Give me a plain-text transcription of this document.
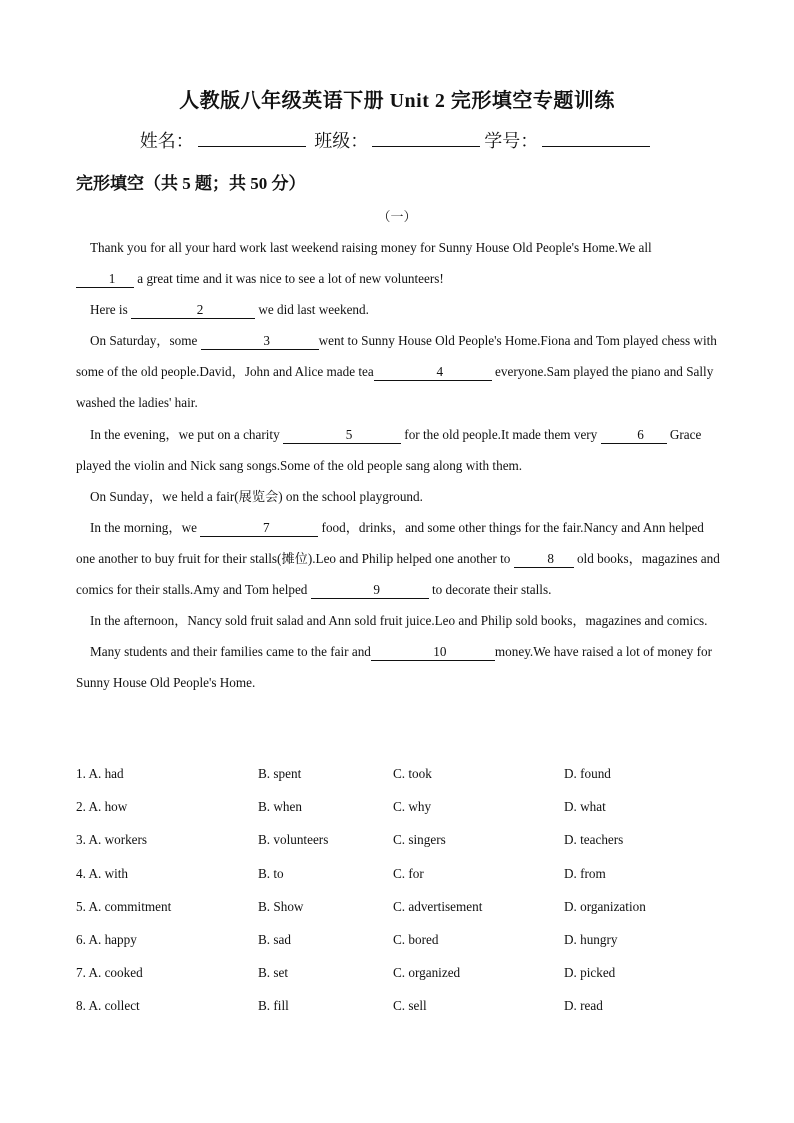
人教版八年级英语下册 Unit 2 完形填空专题训练
姓名：	班级：	学号：
完形填空（共 5 题；共 50 分）
（一）

Thank you for all your hard work last weekend raising money for Sunny House Old People's Home.We all
1 a great time and it was nice to see a lot of new volunteers!

Here is	2	we did last weekend.

On Saturday，some	3	went to Sunny House Old People's Home.Fiona and Tom played chess with some of the old people.David，John and Alice made tea	4	everyone.Sam played the piano and Sally washed the ladies' hair.

In the evening，we put on a charity	5	for the old people.It made them very	6 Grace played the violin and Nick sang songs.Some of the old people sang along with them.

On Sunday，we held a fair(展览会) on the school playground.

In the morning，we	7	food，drinks，and some other things for the fair.Nancy and Ann helped one another to buy fruit for their stalls(摊位).Leo and Philip helped one another to	8 old books，magazines and comics for their stalls.Amy and Tom helped	9	to decorate their stalls.

In the afternoon，Nancy sold fruit salad and Ann sold fruit juice.Leo and Philip sold books，magazines and comics.

Many students and their families came to the fair and	10	money.We have raised a lot of money for Sunny House Old People's Home.

1. A. had	B. spent	C. took	D. found
2. A. how	B. when	C. why	D. what
3. A. workers	B. volunteers	C. singers	D. teachers
4. A. with	B. to	C. for	D. from
5. A. commitment	B. Show	C. advertisement	D. organization
6. A. happy	B. sad	C. bored	D. hungry
7. A. cooked	B. set	C. organized	D. picked
8. A. collect	B. fill	C. sell	D. read
